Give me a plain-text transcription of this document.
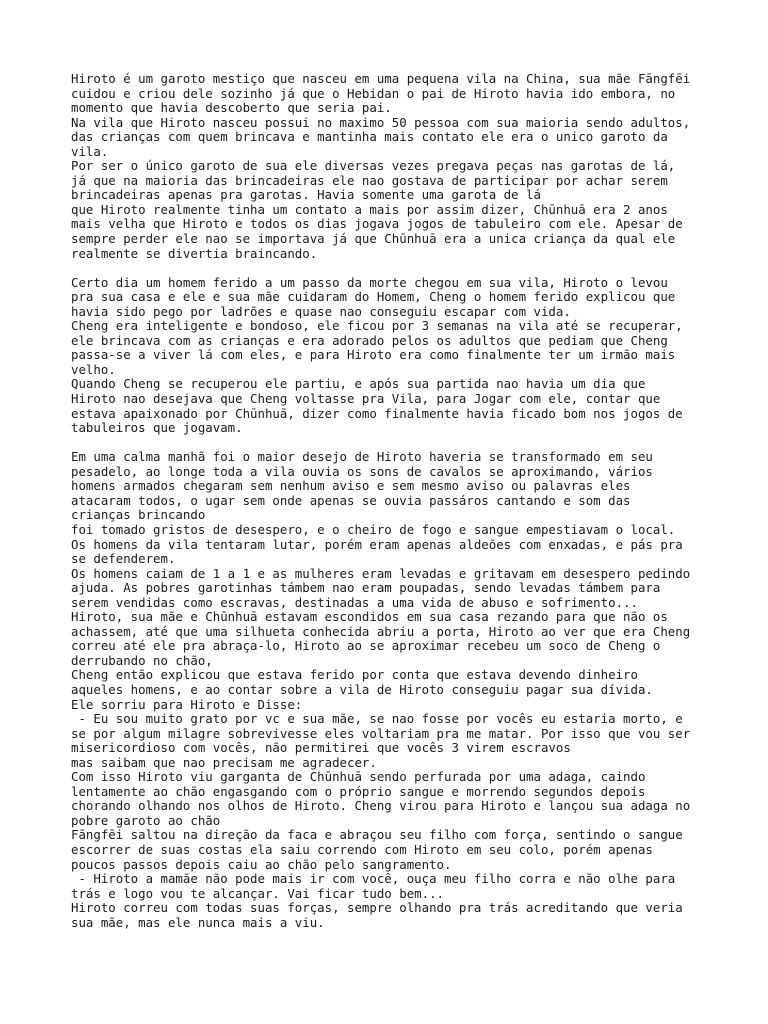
Hiroto é um garoto mestiço que nasceu em uma pequena vila na China, sua mãe Fāngfēi
cuidou e criou dele sozinho já que o Hebidan o pai de Hiroto havia ido embora, no
momento que havia descoberto que seria pai.
Na vila que Hiroto nasceu possui no maximo 50 pessoa com sua maioria sendo adultos,
das crianças com quem brincava e mantinha mais contato ele era o unico garoto da
vila.
Por ser o único garoto de sua ele diversas vezes pregava peças nas garotas de lá,
já que na maioria das brincadeiras ele nao gostava de participar por achar serem
brincadeiras apenas pra garotas. Havia somente uma garota de lá
que Hiroto realmente tinha um contato a mais por assim dizer, Chūnhuā era 2 anos
mais velha que Hiroto e todos os dias jogava jogos de tabuleiro com ele. Apesar de
sempre perder ele nao se importava já que Chūnhuā era a unica criança da qual ele
realmente se divertia braincando.

Certo dia um homem ferido a um passo da morte chegou em sua vila, Hiroto o levou
pra sua casa e ele e sua mãe cuidaram do Homem, Cheng o homem ferido explicou que
havia sido pego por ladrões e quase nao conseguiu escapar com vida.
Cheng era inteligente e bondoso, ele ficou por 3 semanas na vila até se recuperar,
ele brincava com as crianças e era adorado pelos os adultos que pediam que Cheng
passa-se a viver lá com eles, e para Hiroto era como finalmente ter um irmão mais
velho.
Quando Cheng se recuperou ele partiu, e após sua partida nao havia um dia que
Hiroto nao desejava que Cheng voltasse pra Vila, para Jogar com ele, contar que
estava apaixonado por Chūnhuā, dizer como finalmente havia ficado bom nos jogos de
tabuleiros que jogavam.

Em uma calma manhã foi o maior desejo de Hiroto haveria se transformado em seu
pesadelo, ao longe toda a vila ouvia os sons de cavalos se aproximando, vários
homens armados chegaram sem nenhum aviso e sem mesmo aviso ou palavras eles
atacaram todos, o ugar sem onde apenas se ouvia passáros cantando e som das
crianças brincando
foi tomado gristos de desespero, e o cheiro de fogo e sangue empestiavam o local.
Os homens da vila tentaram lutar, porém eram apenas aldeões com enxadas, e pás pra
se defenderem.
Os homens caiam de 1 a 1 e as mulheres eram levadas e gritavam em desespero pedindo
ajuda. As pobres garotinhas támbem nao eram poupadas, sendo levadas támbem para
serem vendidas como escravas, destinadas a uma vida de abuso e sofrimento...
Hiroto, sua mãe e Chūnhuā estavam escondidos em sua casa rezando para que não os
achassem, até que uma silhueta conhecida abriu a porta, Hiroto ao ver que era Cheng
correu até ele pra abraça-lo, Hiroto ao se aproximar recebeu um soco de Cheng o
derrubando no chão,
Cheng então explicou que estava ferido por conta que estava devendo dinheiro
aqueles homens, e ao contar sobre a vila de Hiroto conseguiu pagar sua dívida.
Ele sorriu para Hiroto e Disse:
- Eu sou muito grato por vc e sua mãe, se nao fosse por vocês eu estaria morto, e
se por algum milagre sobrevivesse eles voltariam pra me matar. Por isso que vou ser
misericordioso com vocês, não permitirei que vocês 3 virem escravos
mas saibam que nao precisam me agradecer.
Com isso Hiroto viu garganta de Chūnhuā sendo perfurada por uma adaga, caindo
lentamente ao chão engasgando com o próprio sangue e morrendo segundos depois
chorando olhando nos olhos de Hiroto. Cheng virou para Hiroto e lançou sua adaga no
pobre garoto ao chão
Fāngfēi saltou na direção da faca e abraçou seu filho com força, sentindo o sangue
escorrer de suas costas ela saiu correndo com Hiroto em seu colo, porém apenas
poucos passos depois caiu ao chão pelo sangramento.
- Hiroto a mamãe não pode mais ir com você, ouça meu filho corra e não olhe para
trás e logo vou te alcançar. Vai ficar tudo bem...
Hiroto correu com todas suas forças, sempre olhando pra trás acreditando que veria
sua mãe, mas ele nunca mais a viu.
